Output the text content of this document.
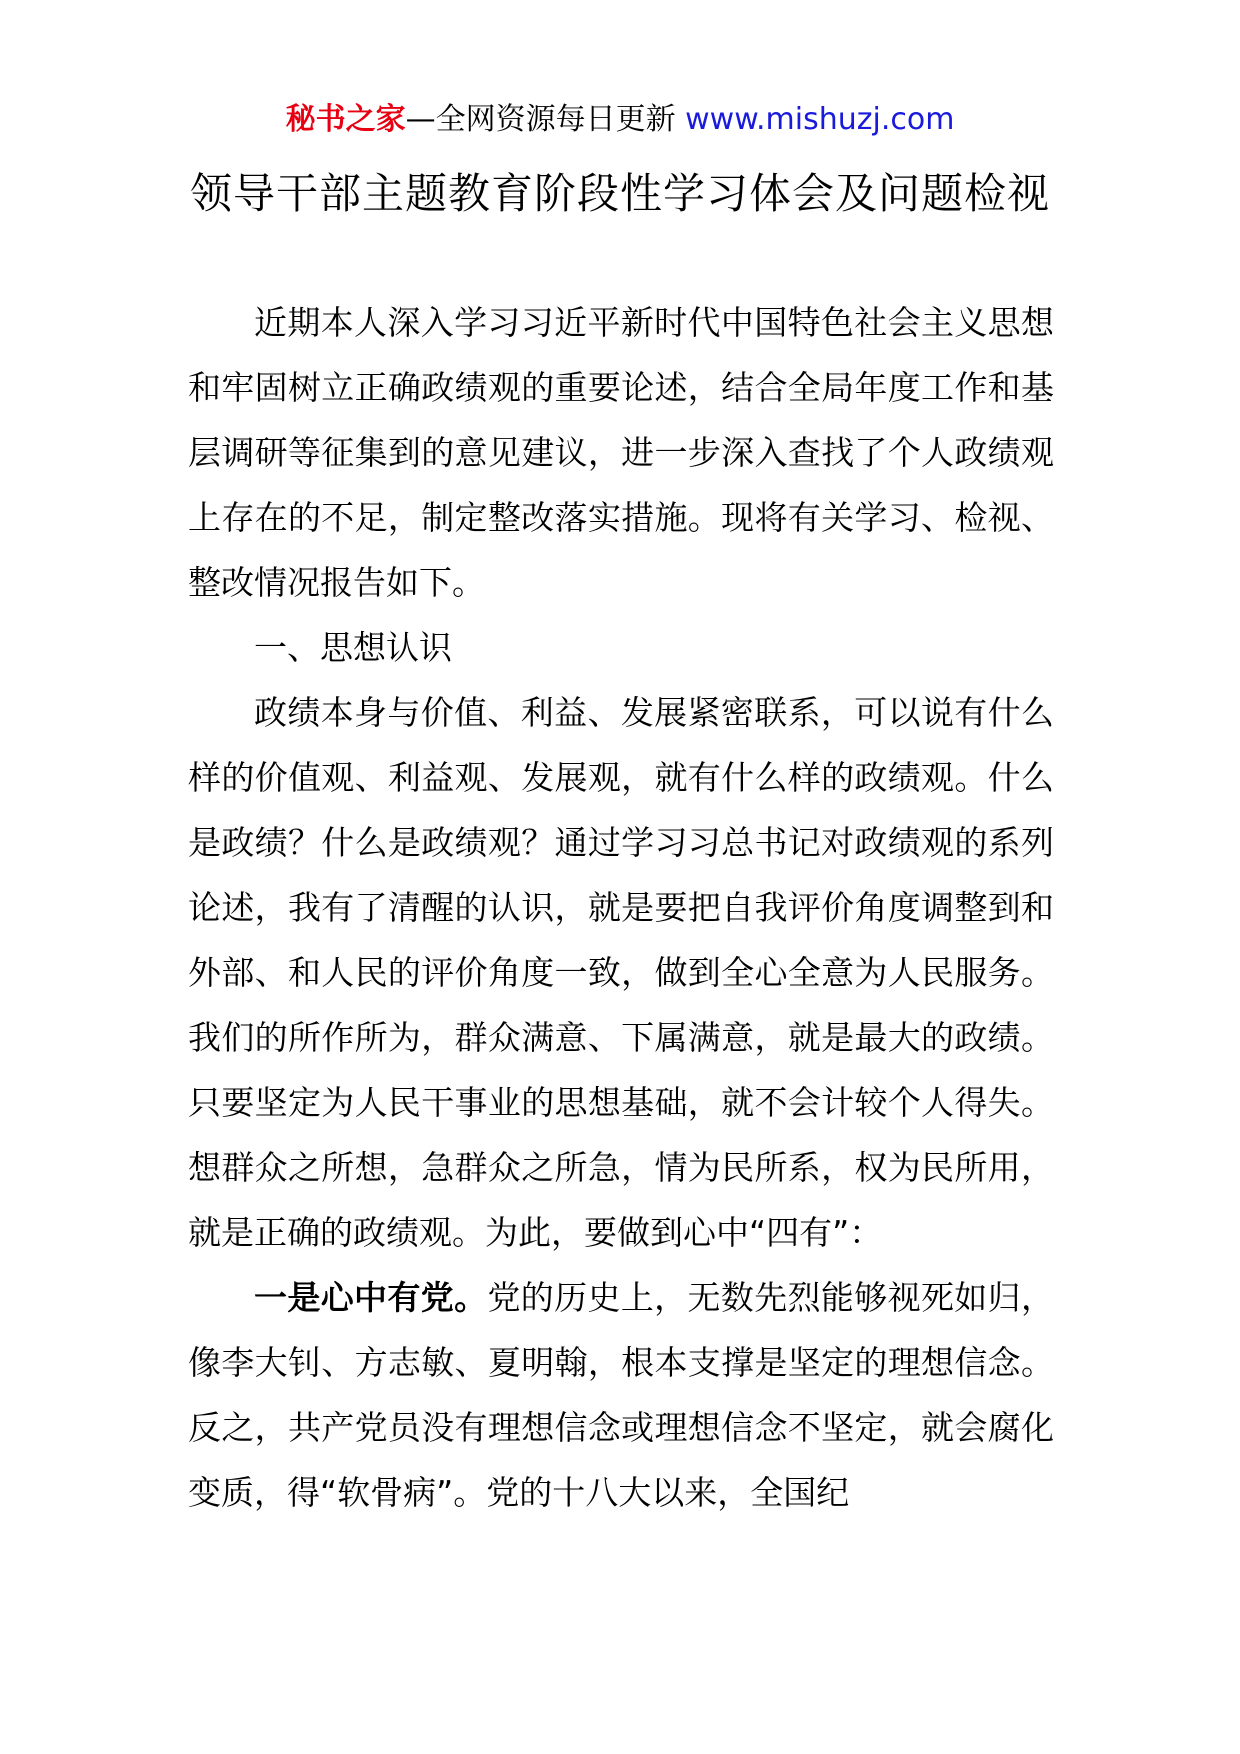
秘书之家—全网资源每日更新 www.mishuzj.com
领导干部主题教育阶段性学习体会及问题检视

近期本人深入学习习近平新时代中国特色社会主义思想和牢固树立正确政绩观的重要论述，结合全局年度工作和基层调研等征集到的意见建议，进一步深入查找了个人政绩观上存在的不足，制定整改落实措施。现将有关学习、检视、整改情况报告如下。

一、思想认识

政绩本身与价值、利益、发展紧密联系，可以说有什么样的价值观、利益观、发展观，就有什么样的政绩观。什么是政绩？什么是政绩观？通过学习习总书记对政绩观的系列论述，我有了清醒的认识，就是要把自我评价角度调整到和外部、和人民的评价角度一致，做到全心全意为人民服务。我们的所作所为，群众满意、下属满意，就是最大的政绩。只要坚定为人民干事业的思想基础，就不会计较个人得失。想群众之所想，急群众之所急，情为民所系，权为民所用，就是正确的政绩观。为此，要做到心中“四有”：

一是心中有党。党的历史上，无数先烈能够视死如归，像李大钊、方志敏、夏明翰，根本支撑是坚定的理想信念。反之，共产党员没有理想信念或理想信念不坚定，就会腐化变质，得“软骨病”。党的十八大以来，全国纪
